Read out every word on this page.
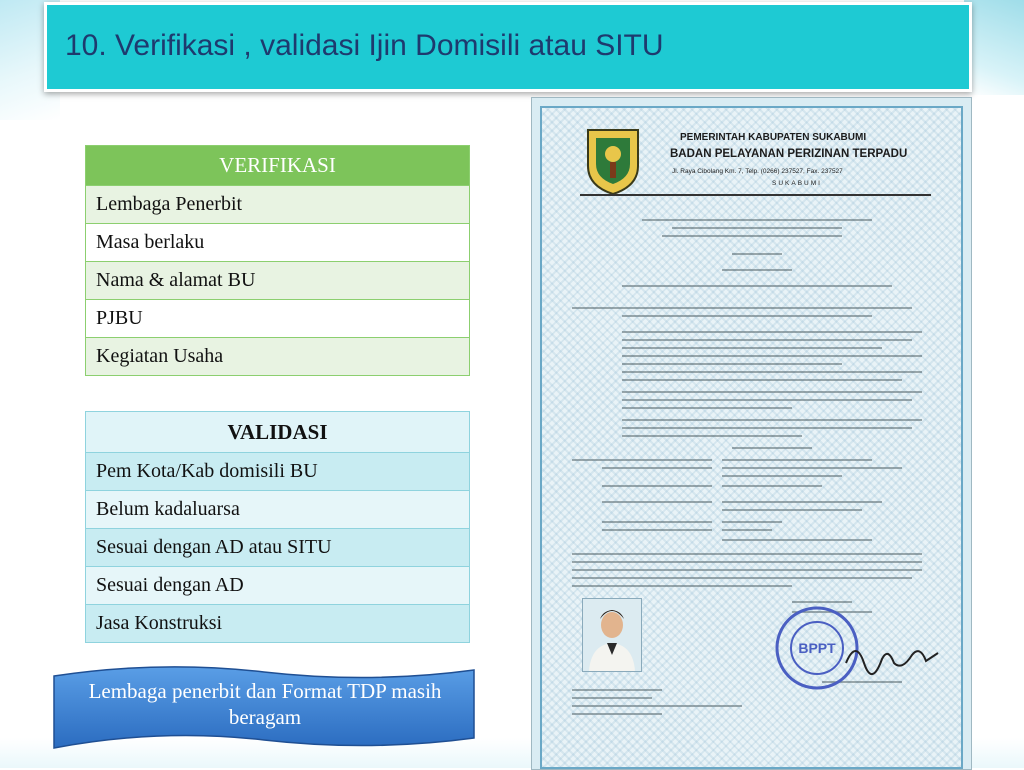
10. Verifikasi , validasi Ijin Domisili atau SITU
VERIFIKASI
Lembaga Penerbit
Masa berlaku
Nama & alamat BU
PJBU
Kegiatan Usaha
VALIDASI
Pem Kota/Kab domisili BU
Belum kadaluarsa
Sesuai dengan AD atau SITU
Sesuai dengan AD
Jasa Konstruksi
Lembaga penerbit dan Format TDP masih beragam
PEMERINTAH KABUPATEN SUKABUMI
BADAN PELAYANAN PERIZINAN TERPADU
Jl. Raya Cibolang Km. 7, Telp. (0266) 237527, Fax. 237527
SUKABUMI
BPPT
